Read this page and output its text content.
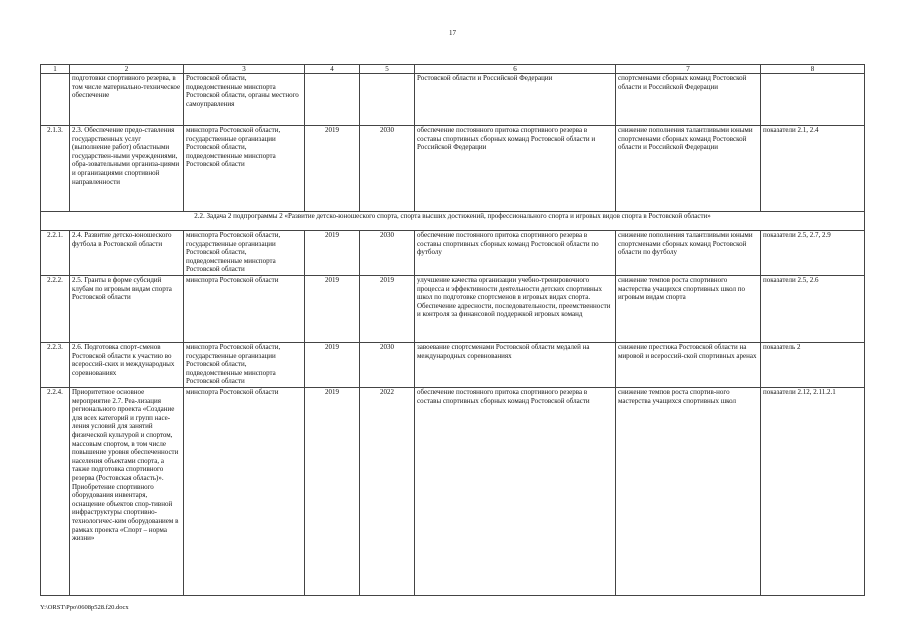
17
1	2	3	4	5	6	7	8
	подготовки спортивного резерва, в том числе материально-техническое обеспечение	Ростовской области, подведомственные минспорта Ростовской области, органы местного самоуправления			Ростовской области и Российской Федерации	спортсменами сборных команд Ростовской области и Российской Федерации	
2.1.3.	2.3. Обеспечение предо-ставления государственных услуг (выполнение работ) областными государствен-ными учреждениями, обра-зовательными организа-циями и организациями спортивной направленности	минспорта Ростовской области, государственные организации Ростовской области, подведомственные минспорта Ростовской области	2019	2030	обеспечение постоянного притока спортивного резерва в составы спортивных сборных команд Ростовской области и Российской Федерации	снижение пополнения талантливыми юными спортсменами сборных команд Ростовской области и Российской Федерации	показатели 2.1, 2.4
2.2. Задача 2 подпрограммы 2 «Развитие детско-юношеского спорта, спорта высших достижений, профессионального спорта и игровых видов спорта в Ростовской области»							
2.2.1.	2.4. Развитие детско-юношеского футбола в Ростовской области	минспорта Ростовской области, государственные организации Ростовской области, подведомственные минспорта Ростовской области	2019	2030	обеспечение постоянного притока спортивного резерва в составы спортивных сборных команд Ростовской области по футболу	снижение пополнения талантливыми юными спортсменами сборных команд Ростовской области по футболу	показатели 2.5, 2.7, 2.9
2.2.2.	2.5. Гранты в форме субсидий клубам по игровым видам спорта Ростовской области	минспорта Ростовской области	2019	2019	улучшение качества организации учебно-тренировочного процесса и эффективности деятельности детских спортивных школ по подготовке спортсменов в игровых видах спорта. Обеспечение адресности, последовательности, преемственности и контроля за финансовой поддержкой игровых команд	снижение темпов роста спортивного мастерства учащихся спортивных школ по игровым видам спорта	показатели 2.5, 2.6
2.2.3.	2.6. Подготовка спорт-сменов Ростовской области к участию во всероссий-ских и международных соревнованиях	минспорта Ростовской области, государственные организации Ростовской области, подведомственные минспорта Ростовской области	2019	2030	завоевание спортсменами Ростовской области медалей на международных соревнованиях	снижение престижа Ростовской области на мировой и всероссий-ской спортивных аренах	показатель 2
2.2.4.	Приоритетное основное мероприятие 2.7. Реа-лизация регионального проекта «Создание для всех категорий и групп насе-ления условий для занятий физической культурой и спортом, массовым спортом, в том числе повышение уровня обеспеченности населения объектами спорта, а также подготовка спортивного резерва (Ростовская область)». Приобретение спортивного оборудования инвентаря, оснащение объектов спор-тивной инфраструктуры спортивно-технологичес-ким оборудованием в рамках проекта «Спорт – норма жизни»	минспорта Ростовской области	2019	2022	обеспечение постоянного притока спортивного резерва в составы спортивных сборных команд Ростовской области	снижение темпов роста спортив-ного мастерства учащихся спортивных школ	показатели 2.12, 2.11.2.1
Y:\ORST\Ppo\0608p528.f20.docx
